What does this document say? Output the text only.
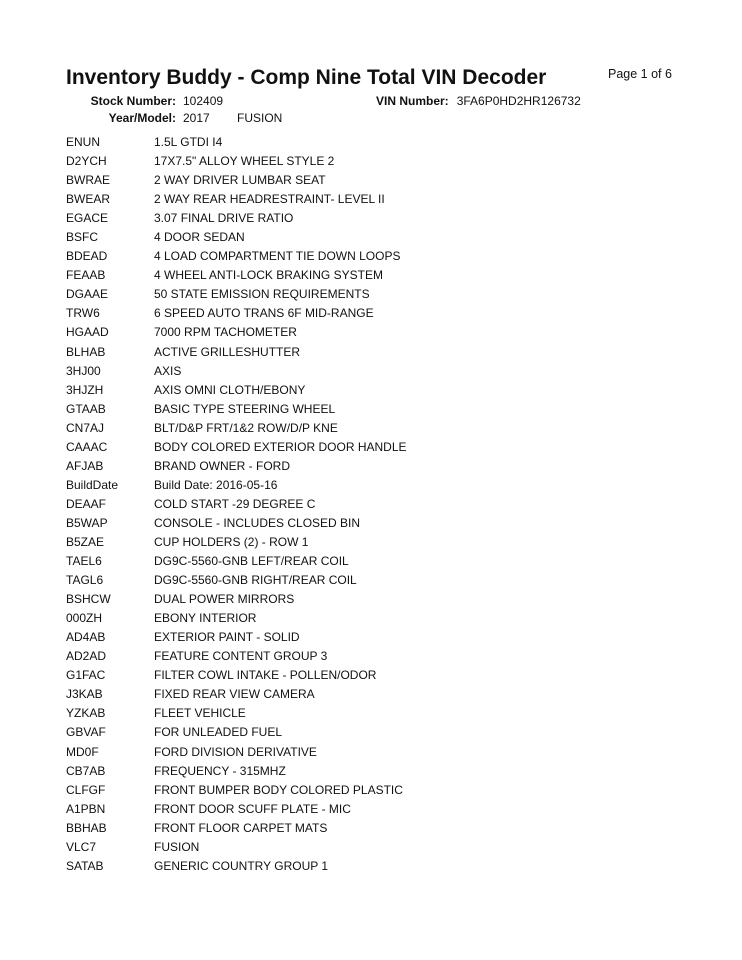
Inventory Buddy - Comp Nine Total VIN Decoder	Page 1 of 6
Stock Number: 102409	VIN Number: 3FA6P0HD2HR126732
Year/Model: 2017 FUSION
ENUN	1.5L GTDI I4
D2YCH	17X7.5" ALLOY WHEEL STYLE 2
BWRAE	2 WAY DRIVER LUMBAR SEAT
BWEAR	2 WAY REAR HEADRESTRAINT- LEVEL II
EGACE	3.07 FINAL DRIVE RATIO
BSFC	4 DOOR SEDAN
BDEAD	4 LOAD COMPARTMENT TIE DOWN LOOPS
FEAAB	4 WHEEL ANTI-LOCK BRAKING SYSTEM
DGAAE	50 STATE EMISSION REQUIREMENTS
TRW6	6 SPEED AUTO TRANS 6F MID-RANGE
HGAAD	7000 RPM TACHOMETER
BLHAB	ACTIVE GRILLESHUTTER
3HJ00	AXIS
3HJZH	AXIS OMNI CLOTH/EBONY
GTAAB	BASIC TYPE STEERING WHEEL
CN7AJ	BLT/D&P FRT/1&2 ROW/D/P KNE
CAAAC	BODY COLORED EXTERIOR DOOR HANDLE
AFJAB	BRAND OWNER - FORD
BuildDate	Build Date: 2016-05-16
DEAAF	COLD START -29 DEGREE C
B5WAP	CONSOLE - INCLUDES CLOSED BIN
B5ZAE	CUP HOLDERS (2) - ROW 1
TAEL6	DG9C-5560-GNB LEFT/REAR COIL
TAGL6	DG9C-5560-GNB RIGHT/REAR COIL
BSHCW	DUAL POWER MIRRORS
000ZH	EBONY INTERIOR
AD4AB	EXTERIOR PAINT - SOLID
AD2AD	FEATURE CONTENT GROUP 3
G1FAC	FILTER COWL INTAKE - POLLEN/ODOR
J3KAB	FIXED REAR VIEW CAMERA
YZKAB	FLEET VEHICLE
GBVAF	FOR UNLEADED FUEL
MD0F	FORD DIVISION DERIVATIVE
CB7AB	FREQUENCY - 315MHZ
CLFGF	FRONT BUMPER BODY COLORED PLASTIC
A1PBN	FRONT DOOR SCUFF PLATE - MIC
BBHAB	FRONT FLOOR CARPET MATS
VLC7	FUSION
SATAB	GENERIC COUNTRY GROUP 1
